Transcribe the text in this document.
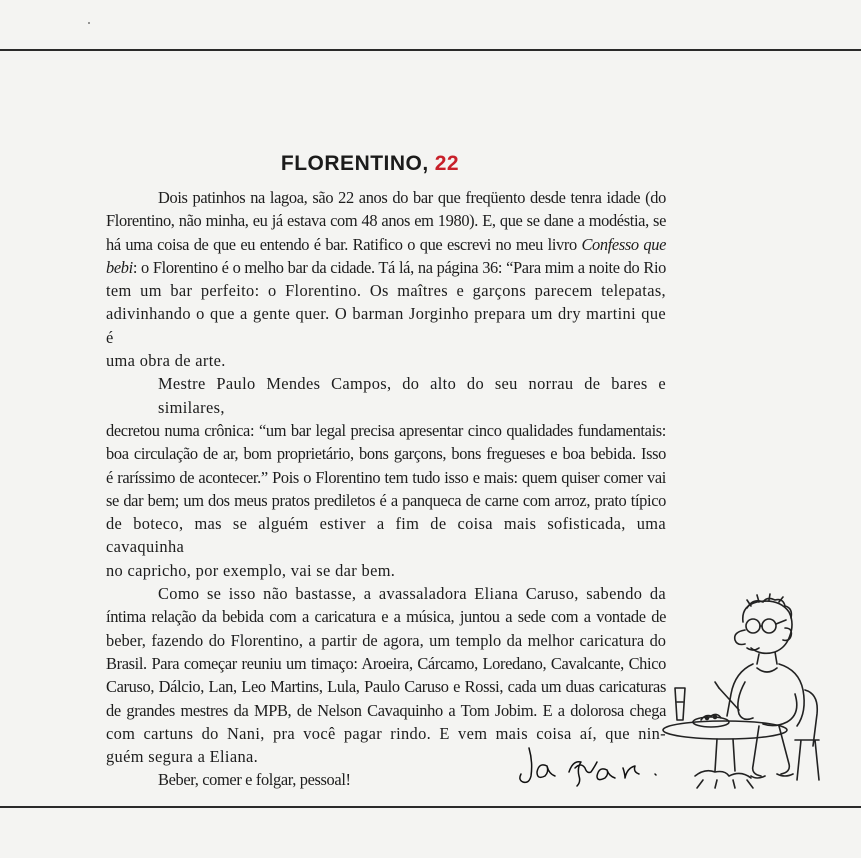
FLORENTINO, 22
Dois patinhos na lagoa, são 22 anos do bar que freqüento desde tenra idade (do
Florentino, não minha, eu já estava com 48 anos em 1980). E, que se dane a modéstia, se
há uma coisa de que eu entendo é bar. Ratifico o que escrevi no meu livro Confesso que
bebi: o Florentino é o melho bar da cidade. Tá lá, na página 36: “Para mim a noite do Rio
tem um bar perfeito: o Florentino. Os maîtres e garçons parecem telepatas,
adivinhando o que a gente quer. O barman Jorginho prepara um dry martini que é
uma obra de arte.
Mestre Paulo Mendes Campos, do alto do seu norrau de bares e similares,
decretou numa crônica: “um bar legal precisa apresentar cinco qualidades fundamentais:
boa circulação de ar, bom proprietário, bons garçons, bons fregueses e boa bebida. Isso
é raríssimo de acontecer.” Pois o Florentino tem tudo isso e mais: quem quiser comer vai
se dar bem; um dos meus pratos prediletos é a panqueca de carne com arroz, prato típico
de boteco, mas se alguém estiver a fim de coisa mais sofisticada, uma cavaquinha
no capricho, por exemplo, vai se dar bem.
Como se isso não bastasse, a avassaladora Eliana Caruso, sabendo da
íntima relação da bebida com a caricatura e a música, juntou a sede com a vontade de
beber, fazendo do Florentino, a partir de agora, um templo da melhor caricatura do
Brasil. Para começar reuniu um timaço: Aroeira, Cárcamo, Loredano, Cavalcante, Chico
Caruso, Dálcio, Lan, Leo Martins, Lula, Paulo Caruso e Rossi, cada um duas caricaturas
de grandes mestres da MPB, de Nelson Cavaquinho a Tom Jobim. E a dolorosa chega
com cartuns do Nani, pra você pagar rindo. E vem mais coisa aí, que nin-
guém segura a Eliana.
Beber, comer e folgar, pessoal!
